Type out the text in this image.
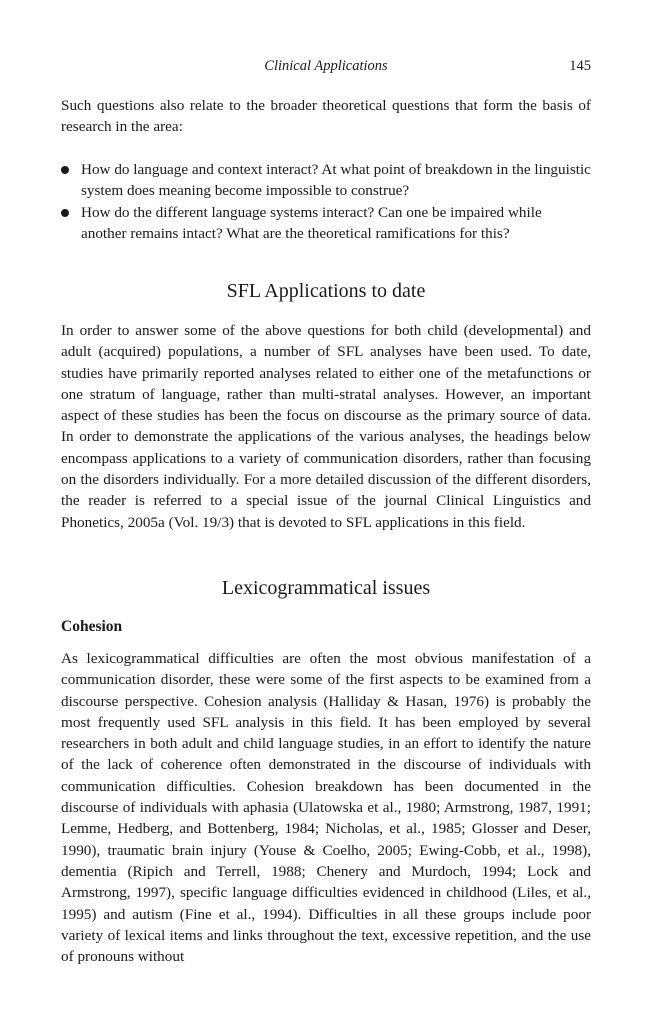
Clinical Applications	145

Such questions also relate to the broader theoretical questions that form the basis of research in the area:

How do language and context interact? At what point of breakdown in the linguistic system does meaning become impossible to construe?
How do the different language systems interact? Can one be impaired while another remains intact? What are the theoretical ramifications for this?
SFL Applications to date

In order to answer some of the above questions for both child (developmental) and adult (acquired) populations, a number of SFL analyses have been used. To date, studies have primarily reported analyses related to either one of the metafunctions or one stratum of language, rather than multi-stratal analyses. However, an important aspect of these studies has been the focus on discourse as the primary source of data. In order to demonstrate the applications of the various analyses, the headings below encompass applications to a variety of communication disorders, rather than focusing on the disorders individually. For a more detailed discussion of the different disorders, the reader is referred to a special issue of the journal Clinical Linguistics and Phonetics, 2005a (Vol. 19/3) that is devoted to SFL applications in this field.

Lexicogrammatical issues
Cohesion

As lexicogrammatical difficulties are often the most obvious manifestation of a communication disorder, these were some of the first aspects to be examined from a discourse perspective. Cohesion analysis (Halliday & Hasan, 1976) is probably the most frequently used SFL analysis in this field. It has been employed by several researchers in both adult and child language studies, in an effort to identify the nature of the lack of coherence often demonstrated in the discourse of individuals with communication difficulties. Cohesion breakdown has been documented in the discourse of individuals with aphasia (Ulatowska et al., 1980; Armstrong, 1987, 1991; Lemme, Hedberg, and Bottenberg, 1984; Nicholas, et al., 1985; Glosser and Deser, 1990), traumatic brain injury (Youse & Coelho, 2005; Ewing-Cobb, et al., 1998), dementia (Ripich and Terrell, 1988; Chenery and Murdoch, 1994; Lock and Armstrong, 1997), specific language difficulties evidenced in childhood (Liles, et al., 1995) and autism (Fine et al., 1994). Difficulties in all these groups include poor variety of lexical items and links throughout the text, excessive repetition, and the use of pronouns without
